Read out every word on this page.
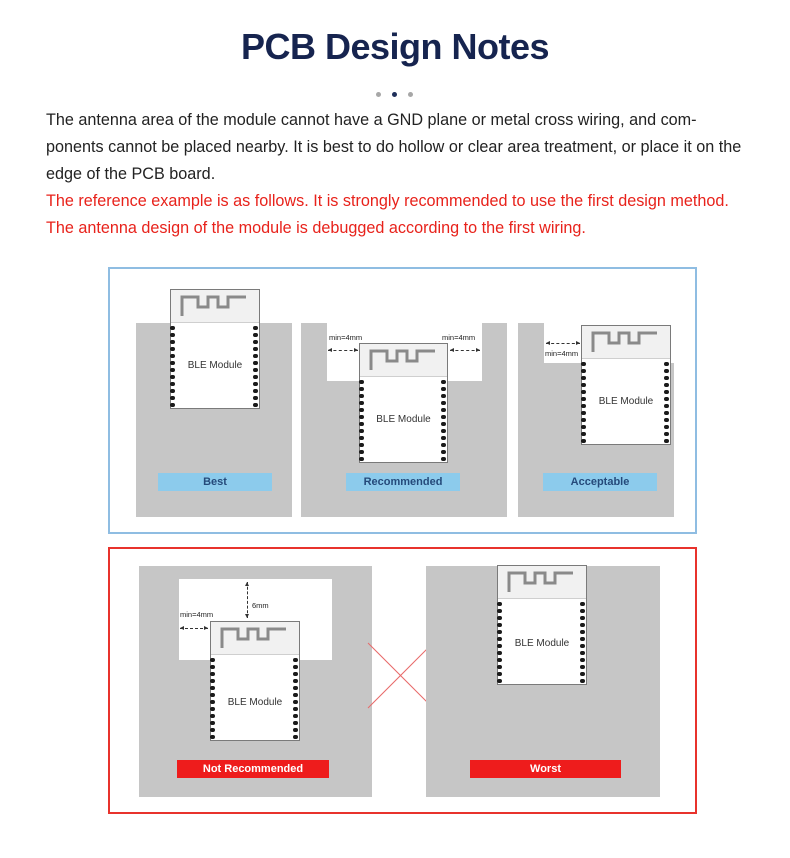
PCB Design Notes
The antenna area of the module cannot have a GND plane or metal cross wiring, and com-ponents cannot be placed nearby. It is best to do hollow or clear area treatment, or place it on the edge of the PCB board.
The reference example is as follows. It is strongly recommended to use the first design method. The antenna design of the module is debugged according to the first wiring.
BLE Module
Best
BLE Module
min=4mm	min=4mm
Recommended
BLE Module
min=4mm
Acceptable
BLE Module
min=4mm
6mm
Not Recommended
BLE Module
Worst
